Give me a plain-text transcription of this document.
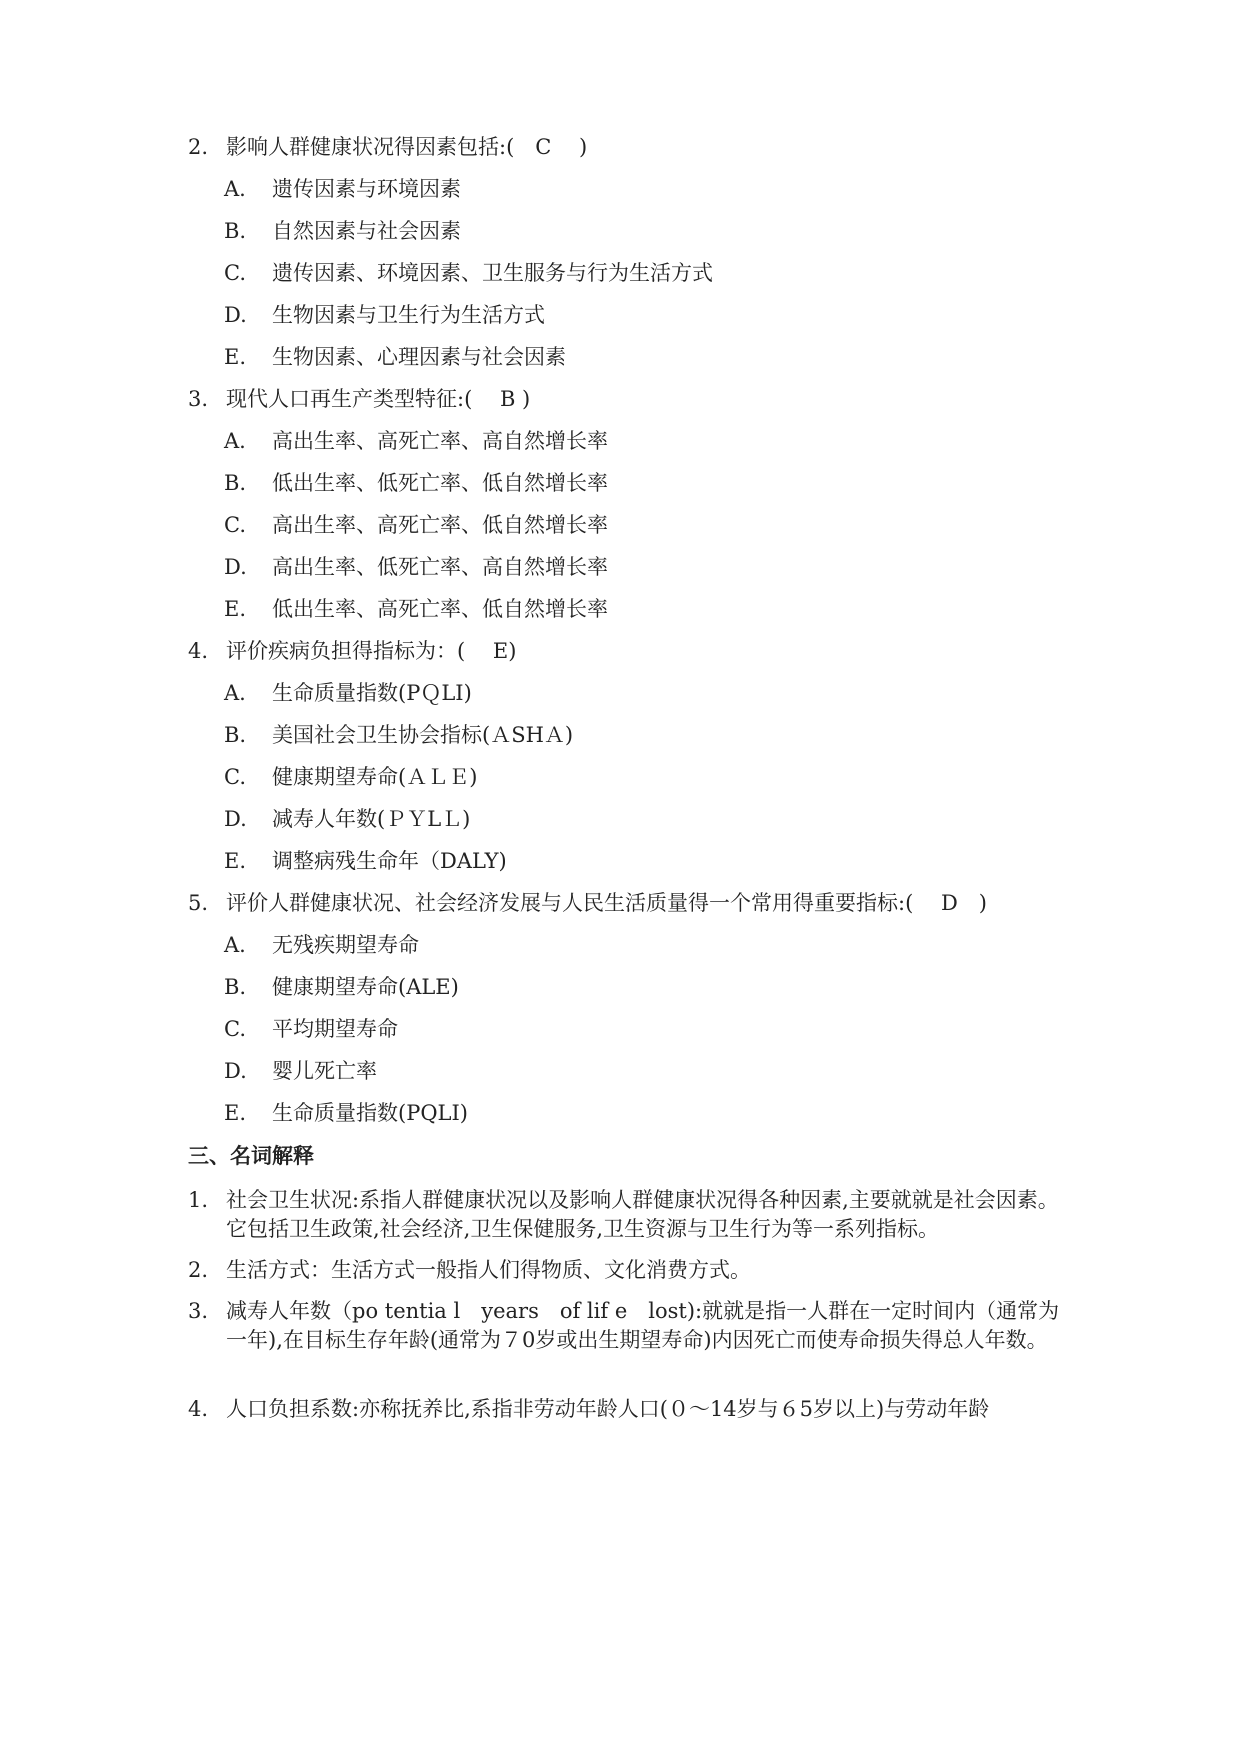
2. 影响人群健康状况得因素包括:(　C　 )
A. 遗传因素与环境因素
B. 自然因素与社会因素
C. 遗传因素、环境因素、卫生服务与行为生活方式
D. 生物因素与卫生行为生活方式
E. 生物因素、心理因素与社会因素
3. 现代人口再生产类型特征:(　 B )
A. 高出生率、高死亡率、高自然增长率
B. 低出生率、低死亡率、低自然增长率
C. 高出生率、高死亡率、低自然增长率
D. 高出生率、低死亡率、高自然增长率
E. 低出生率、高死亡率、低自然增长率
4. 评价疾病负担得指标为：(　 E)
A. 生命质量指数(PＱLI)
B. 美国社会卫生协会指标(ＡSHＡ)
C. 健康期望寿命(ＡＬＥ)
D. 减寿人年数(ＰＹLＬ)
E. 调整病残生命年（DALY)
5. 评价人群健康状况、社会经济发展与人民生活质量得一个常用得重要指标:(　 D　)
A. 无残疾期望寿命
B. 健康期望寿命(ALE)
C. 平均期望寿命
D. 婴儿死亡率
E. 生命质量指数(PQLI)
三、名词解释
1. 社会卫生状况:系指人群健康状况以及影响人群健康状况得各种因素,主要就就是社会因素。它包括卫生政策,社会经济,卫生保健服务,卫生资源与卫生行为等一系列指标。
2. 生活方式：生活方式一般指人们得物质、文化消费方式。
3. 减寿人年数（po tentia l　years　of lif e　lost):就就是指一人群在一定时间内（通常为一年),在目标生存年龄(通常为７0岁或出生期望寿命)内因死亡而使寿命损失得总人年数。
4. 人口负担系数:亦称抚养比,系指非劳动年龄人口(０～14岁与６5岁以上)与劳动年龄
